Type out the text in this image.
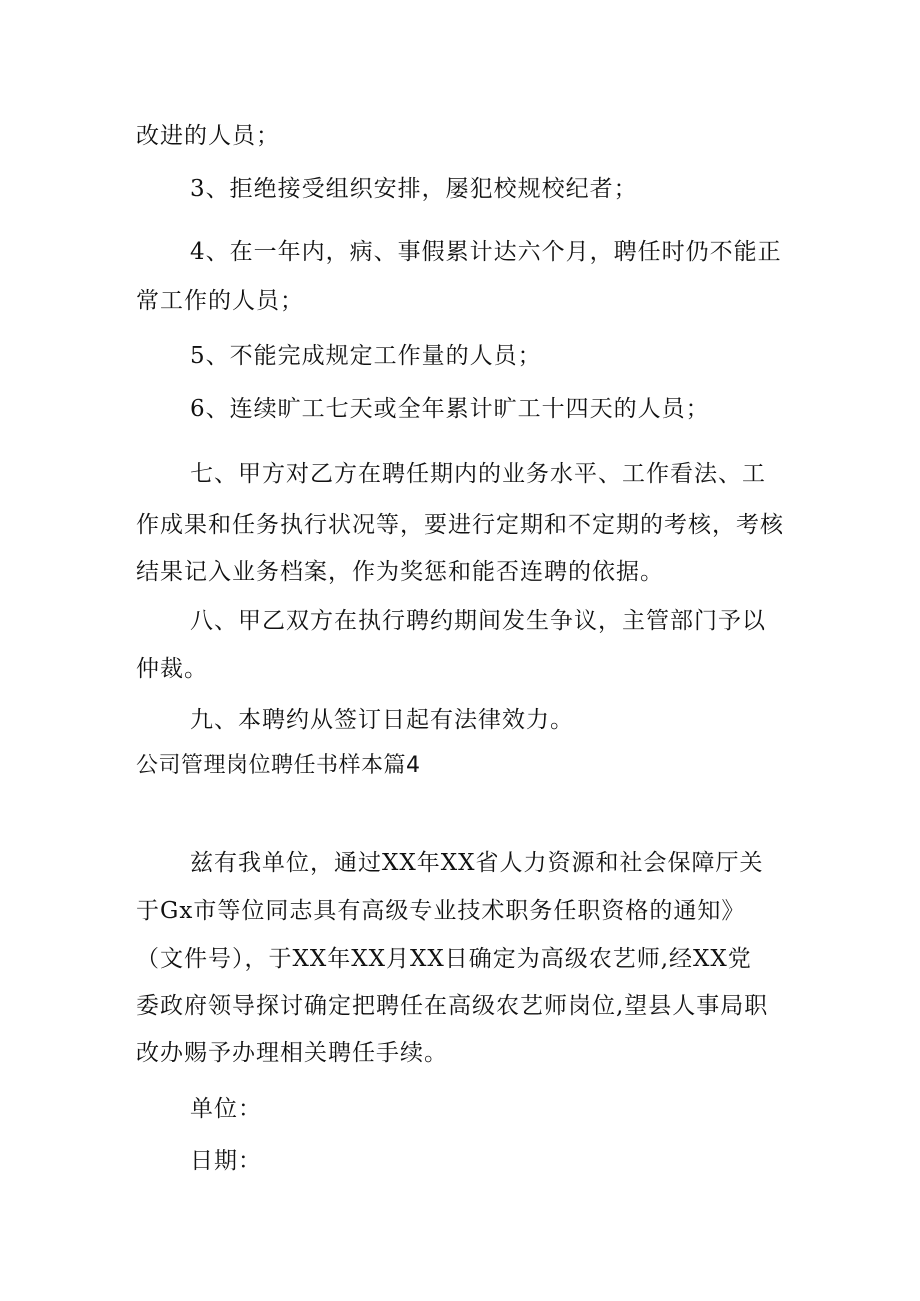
改进的人员；
3、拒绝接受组织安排，屡犯校规校纪者；
4、在一年内，病、事假累计达六个月，聘任时仍不能正
常工作的人员；
5、不能完成规定工作量的人员；
6、连续旷工七天或全年累计旷工十四天的人员；
七、甲方对乙方在聘任期内的业务水平、工作看法、工
作成果和任务执行状况等，要进行定期和不定期的考核，考核
结果记入业务档案，作为奖惩和能否连聘的依据。
八、甲乙双方在执行聘约期间发生争议，主管部门予以
仲裁。
九、本聘约从签订日起有法律效力。
公司管理岗位聘任书样本篇4
兹有我单位，通过XX年XX省人力资源和社会保障厅关
于Gx市等位同志具有高级专业技术职务任职资格的通知》
（文件号），于XX年XX月XX日确定为高级农艺师,经XX党
委政府领导探讨确定把聘任在高级农艺师岗位,望县人事局职
改办赐予办理相关聘任手续。
单位：
日期：
